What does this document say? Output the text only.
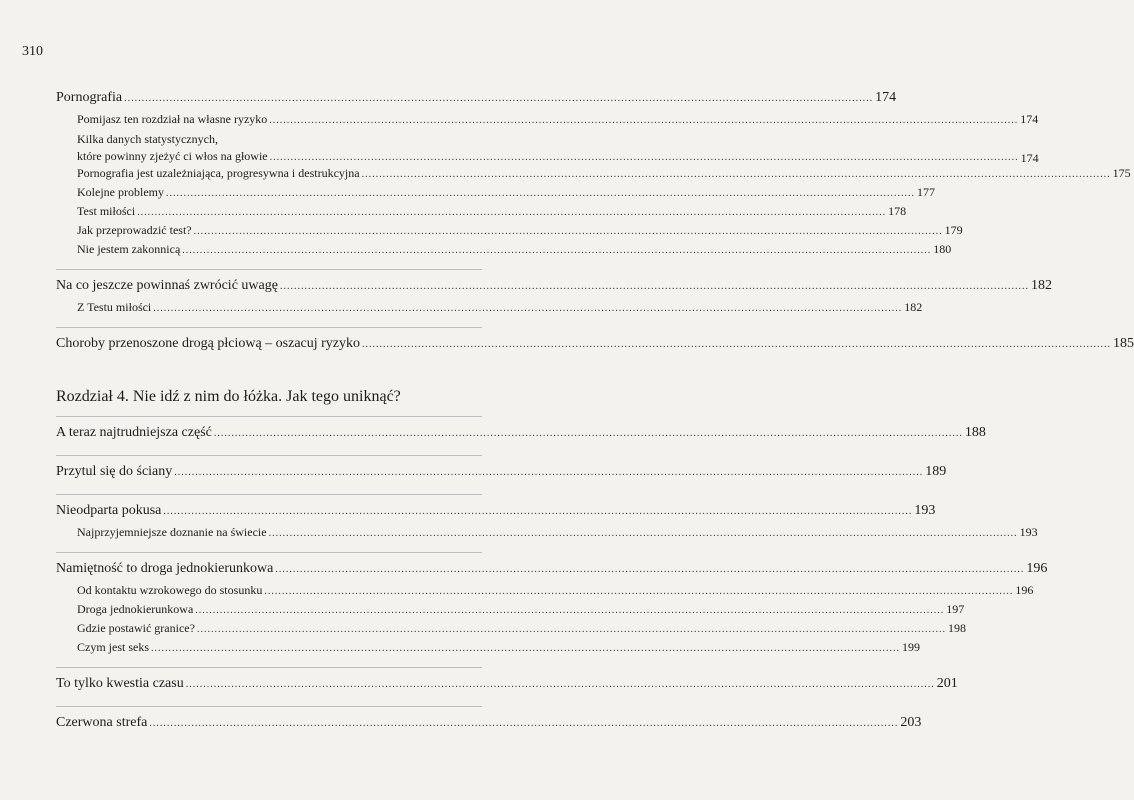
310
Pornografia .....	174
Pomijasz ten rozdział na własne ryzyko .....	174
Kilka danych statystycznych,
które powinny zjeżyć ci włos na głowie .....	174
Pornografia jest uzależniająca, progresywna i destrukcyjna .....	175
Kolejne problemy .....	177
Test miłości .....	178
Jak przeprowadzić test? .....	179
Nie jestem zakonnicą .....	180
Na co jeszcze powinnaś zwrócić uwagę .....	182
Z Testu miłości .....	182
Choroby przenoszone drogą płciową – oszacuj ryzyko .....	185
Rozdział 4. Nie idź z nim do łóżka. Jak tego uniknąć?
A teraz najtrudniejsza część .....	188
Przytul się do ściany .....	189
Nieodparta pokusa .....	193
Najprzyjemniejsze doznanie na świecie .....	193
Namiętność to droga jednokierunkowa .....	196
Od kontaktu wzrokowego do stosunku .....	196
Droga jednokierunkowa .....	197
Gdzie postawić granice? .....	198
Czym jest seks .....	199
To tylko kwestia czasu .....	201
Czerwona strefa .....	203
